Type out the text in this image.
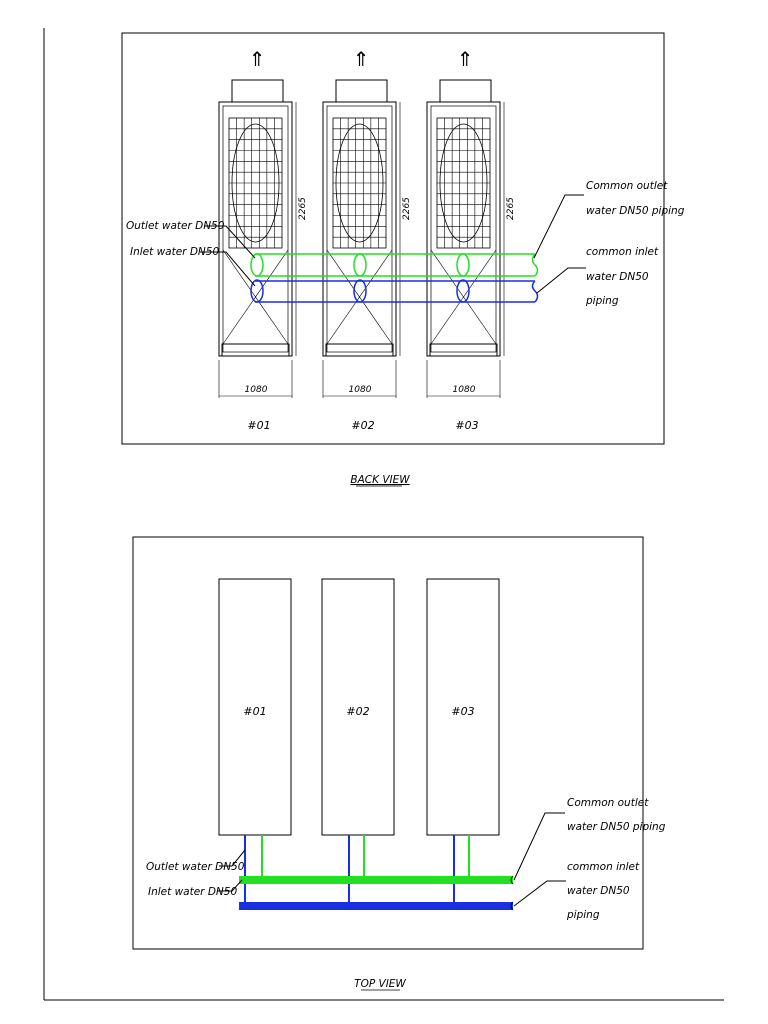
⇑
2265
1080
#01
⇑
2265
1080
#02
⇑
2265
1080
#03
Outlet water DN50
Inlet water DN50
Common outlet
water DN50 piping
common inlet
water DN50
piping
BACK VIEW
#01	#02	#03
Outlet water DN50
Inlet water DN50
Common outlet
water DN50 piping
common inlet
water DN50
piping
TOP VIEW
